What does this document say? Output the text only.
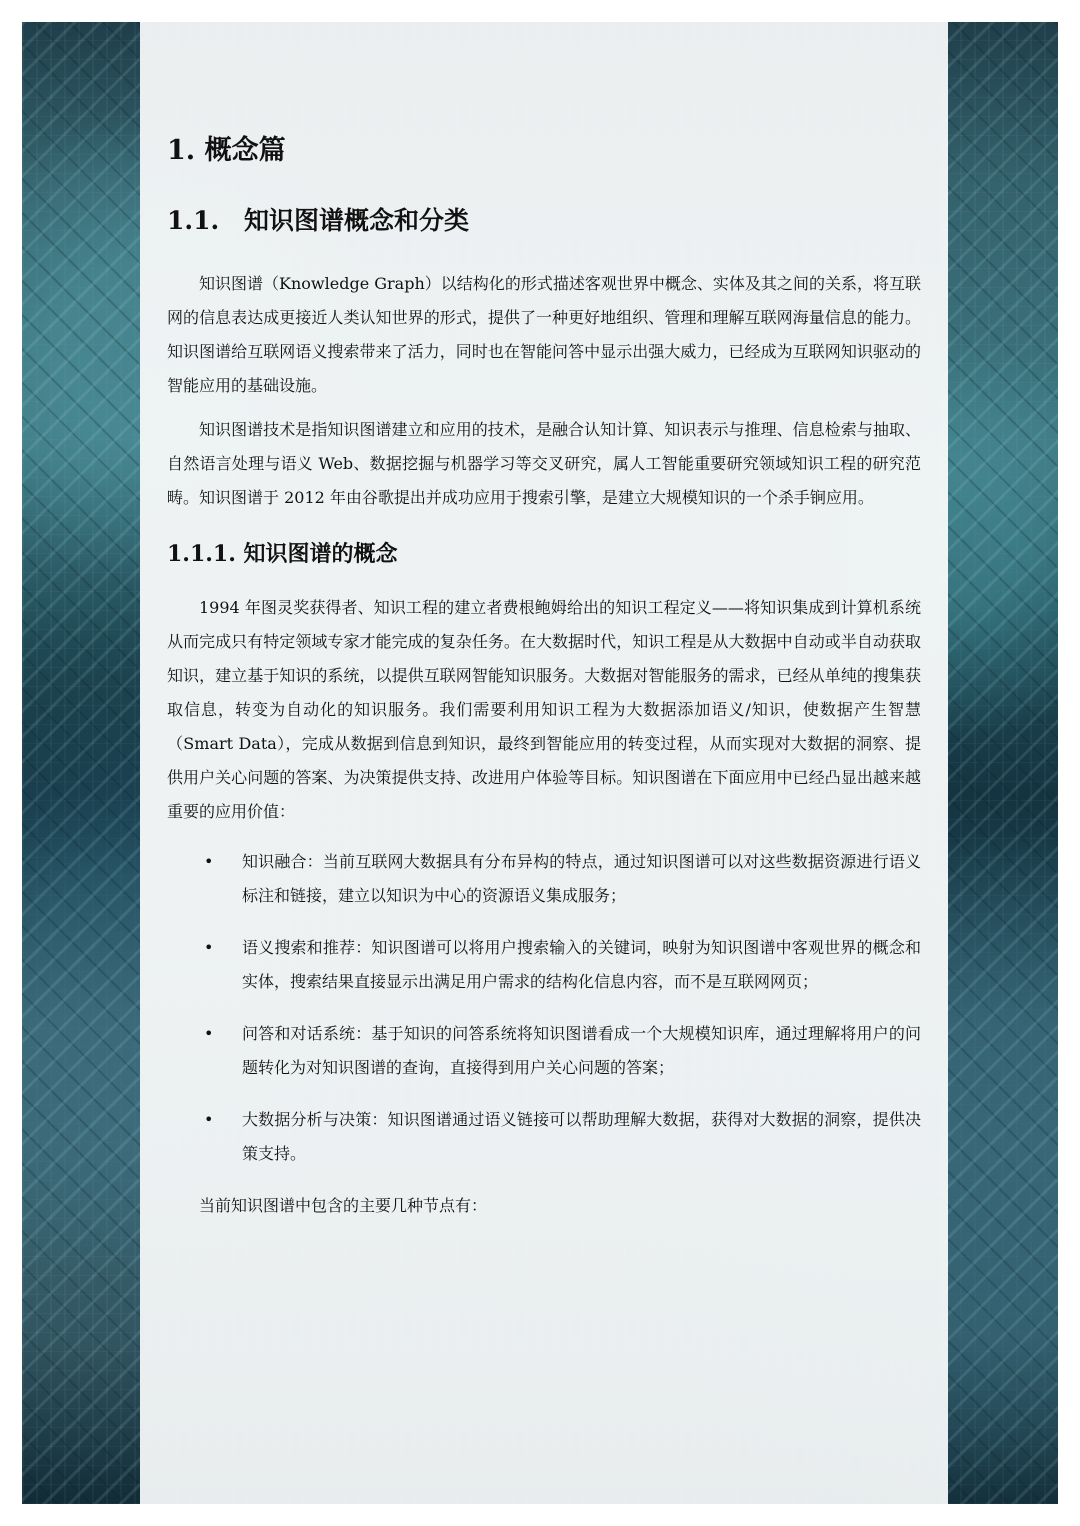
1. 概念篇
1.1. 知识图谱概念和分类

知识图谱（Knowledge Graph）以结构化的形式描述客观世界中概念、实体及其之间的关系，将互联网的信息表达成更接近人类认知世界的形式，提供了一种更好地组织、管理和理解互联网海量信息的能力。知识图谱给互联网语义搜索带来了活力，同时也在智能问答中显示出强大威力，已经成为互联网知识驱动的智能应用的基础设施。

知识图谱技术是指知识图谱建立和应用的技术，是融合认知计算、知识表示与推理、信息检索与抽取、自然语言处理与语义 Web、数据挖掘与机器学习等交叉研究，属人工智能重要研究领域知识工程的研究范畴。知识图谱于 2012 年由谷歌提出并成功应用于搜索引擎，是建立大规模知识的一个杀手锏应用。

1.1.1. 知识图谱的概念

1994 年图灵奖获得者、知识工程的建立者费根鲍姆给出的知识工程定义——将知识集成到计算机系统从而完成只有特定领域专家才能完成的复杂任务。在大数据时代，知识工程是从大数据中自动或半自动获取知识，建立基于知识的系统，以提供互联网智能知识服务。大数据对智能服务的需求，已经从单纯的搜集获取信息，转变为自动化的知识服务。我们需要利用知识工程为大数据添加语义/知识，使数据产生智慧（Smart Data），完成从数据到信息到知识，最终到智能应用的转变过程，从而实现对大数据的洞察、提供用户关心问题的答案、为决策提供支持、改进用户体验等目标。知识图谱在下面应用中已经凸显出越来越重要的应用价值：

• 知识融合：当前互联网大数据具有分布异构的特点，通过知识图谱可以对这些数据资源进行语义标注和链接，建立以知识为中心的资源语义集成服务；
• 语义搜索和推荐：知识图谱可以将用户搜索输入的关键词，映射为知识图谱中客观世界的概念和实体，搜索结果直接显示出满足用户需求的结构化信息内容，而不是互联网网页；
• 问答和对话系统：基于知识的问答系统将知识图谱看成一个大规模知识库，通过理解将用户的问题转化为对知识图谱的查询，直接得到用户关心问题的答案；
• 大数据分析与决策：知识图谱通过语义链接可以帮助理解大数据，获得对大数据的洞察，提供决策支持。

当前知识图谱中包含的主要几种节点有：
